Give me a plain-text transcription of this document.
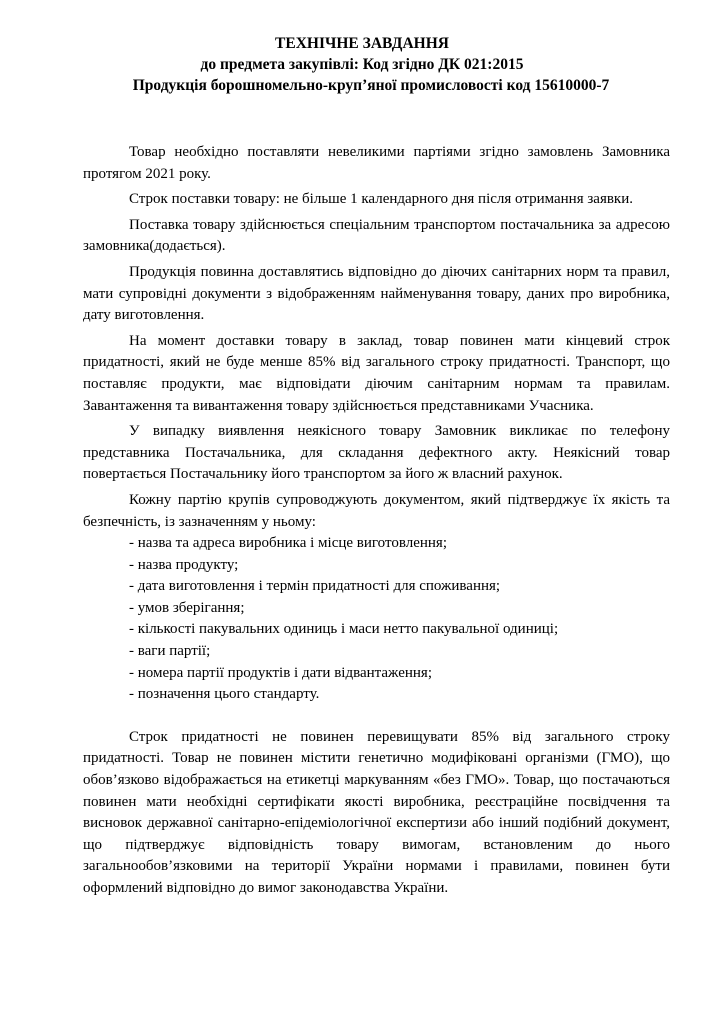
ТЕХНІЧНЕ ЗАВДАННЯ
до предмета закупівлі: Код згідно ДК 021:2015
Продукція борошномельно-круп’яної промисловості код 15610000-7

Товар необхідно поставляти невеликими партіями згідно замовлень Замовника протягом 2021 року.

Строк поставки товару: не більше 1 календарного дня після отримання заявки.

Поставка товару здійснюється спеціальним транспортом постачальника за адресою замовника(додається).

Продукція повинна доставлятись відповідно до діючих санітарних норм та правил, мати супровідні документи з відображенням найменування товару, даних про виробника, дату виготовлення.

На момент доставки товару в заклад, товар повинен мати кінцевий строк придатності, який не буде менше 85% від загального строку придатності. Транспорт, що поставляє продукти, має відповідати діючим санітарним нормам та правилам. Завантаження та вивантаження товару здійснюється представниками Учасника.

У випадку виявлення неякісного товару Замовник викликає по телефону представника Постачальника, для складання дефектного акту. Неякісний товар повертається Постачальнику його транспортом за його ж власний рахунок.

Кожну партію крупів супроводжують документом, який підтверджує їх якість та безпечність, із зазначенням у ньому:

- назва та адреса виробника і місце виготовлення;
- назва продукту;
- дата виготовлення і термін придатності для споживання;
- умов зберігання;
- кількості пакувальних одиниць і маси нетто пакувальної одиниці;
- ваги партії;
- номера партії продуктів і дати відвантаження;
- позначення цього стандарту.

Строк придатності не повинен перевищувати 85% від загального строку придатності. Товар не повинен містити генетично модифіковані організми (ГМО), що обов’язково відображається на етикетці маркуванням «без ГМО». Товар, що постачаються повинен мати необхідні сертифікати якості виробника, реєстраційне посвідчення та висновок державної санітарно-епідеміологічної експертизи або інший подібний документ, що підтверджує відповідність товару вимогам, встановленим до нього загальнообов’язковими на території України нормами і правилами, повинен бути оформлений відповідно до вимог законодавства України.
